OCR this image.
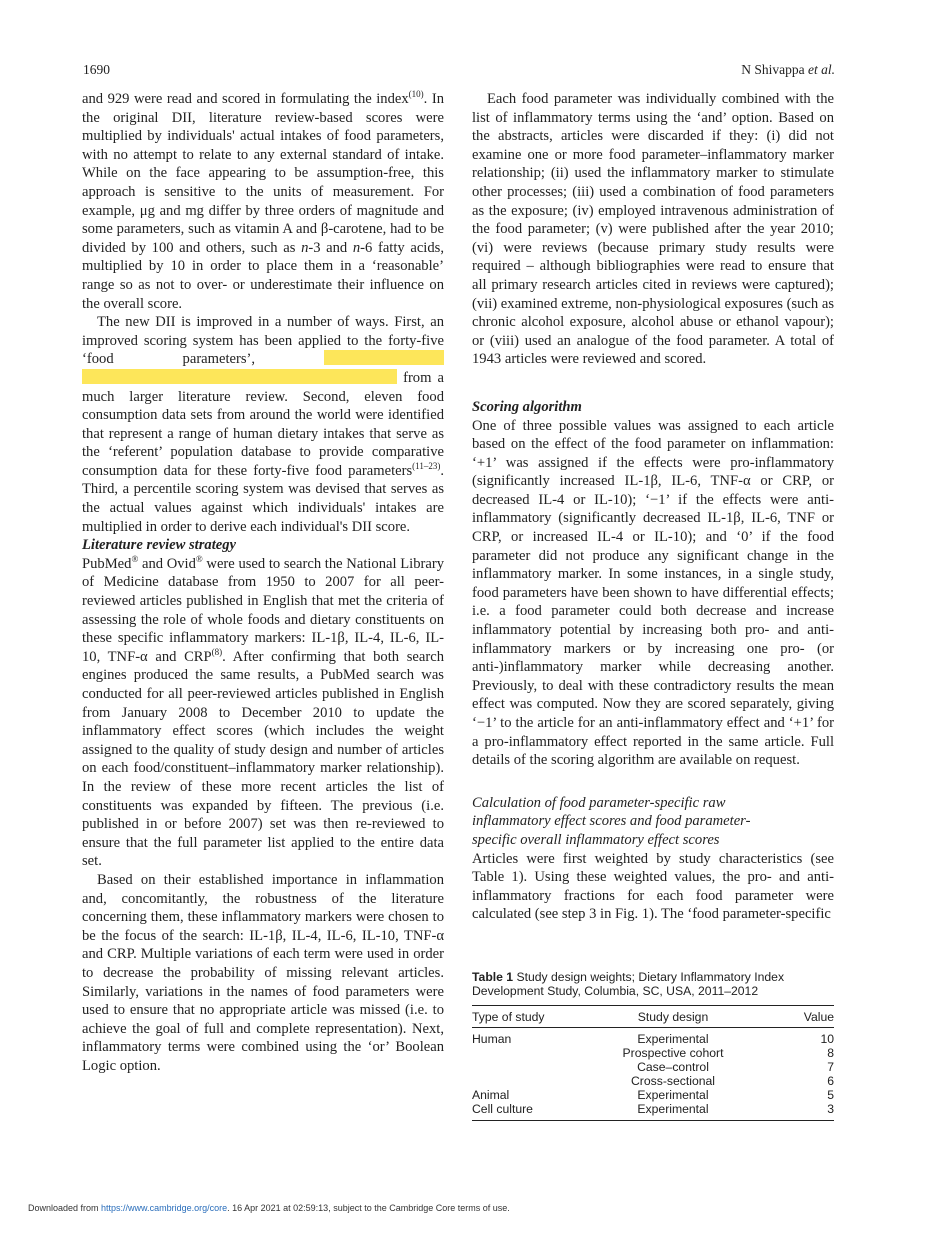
1690	N Shivappa et al.

and 929 were read and scored in formulating the index$^{(10)}$. In the original DII, literature review-based scores were multiplied by individuals' actual intakes of food parameters, with no attempt to relate to any external standard of intake. While on the face appearing to be assumption-free, this approach is sensitive to the units of measurement. For example, μg and mg differ by three orders of magnitude and some parameters, such as vitamin A and β-carotene, had to be divided by 100 and others, such as n-3 and n-6 fatty acids, multiplied by 10 in order to place them in a ‘reasonable’ range so as not to over- or underestimate their influence on the overall score.

The new DII is improved in a number of ways. First, an improved scoring system has been applied to the forty-five ‘food parameters’,   from a much larger literature review. Second, eleven food consumption data sets from around the world were identified that represent a range of human dietary intakes that serve as the ‘referent’ population database to provide comparative consumption data for these forty-five food parameters$^{(11-23)}$. Third, a percentile scoring system was devised that serves as the actual values against which individuals' intakes are multiplied in order to derive each individual's DII score.

Literature review strategy

PubMed® and Ovid® were used to search the National Library of Medicine database from 1950 to 2007 for all peer-reviewed articles published in English that met the criteria of assessing the role of whole foods and dietary constituents on these specific inflammatory markers: IL-1β, IL-4, IL-6, IL-10, TNF-α and CRP$^{(8)}$. After confirming that both search engines produced the same results, a PubMed search was conducted for all peer-reviewed articles published in English from January 2008 to December 2010 to update the inflammatory effect scores (which includes the weight assigned to the quality of study design and number of articles on each food/constituent–inflammatory marker relationship). In the review of these more recent articles the list of constituents was expanded by fifteen. The previous (i.e. published in or before 2007) set was then re-reviewed to ensure that the full parameter list applied to the entire data set.

Based on their established importance in inflammation and, concomitantly, the robustness of the literature concerning them, these inflammatory markers were chosen to be the focus of the search: IL-1β, IL-4, IL-6, IL-10, TNF-α and CRP. Multiple variations of each term were used in order to decrease the probability of missing relevant articles. Similarly, variations in the names of food parameters were used to ensure that no appropriate article was missed (i.e. to achieve the goal of full and complete representation). Next, inflammatory terms were combined using the ‘or’ Boolean Logic option.

Each food parameter was individually combined with the list of inflammatory terms using the ‘and’ option. Based on the abstracts, articles were discarded if they: (i) did not examine one or more food parameter–inflammatory marker relationship; (ii) used the inflammatory marker to stimulate other processes; (iii) used a combination of food parameters as the exposure; (iv) employed intravenous administration of the food parameter; (v) were published after the year 2010; (vi) were reviews (because primary study results were required – although bibliographies were read to ensure that all primary research articles cited in reviews were captured); (vii) examined extreme, non-physiological exposures (such as chronic alcohol exposure, alcohol abuse or ethanol vapour); or (viii) used an analogue of the food parameter. A total of 1943 articles were reviewed and scored.

Scoring algorithm

One of three possible values was assigned to each article based on the effect of the food parameter on inflammation: ‘+1’ was assigned if the effects were pro-inflammatory (significantly increased IL-1β, IL-6, TNF-α or CRP, or decreased IL-4 or IL-10); ‘−1’ if the effects were anti-inflammatory (significantly decreased IL-1β, IL-6, TNF or CRP, or increased IL-4 or IL-10); and ‘0’ if the food parameter did not produce any significant change in the inflammatory marker. In some instances, in a single study, food parameters have been shown to have differential effects; i.e. a food parameter could both decrease and increase inflammatory potential by increasing both pro- and anti-inflammatory markers or by increasing one pro- (or anti-)inflammatory marker while decreasing another. Previously, to deal with these contradictory results the mean effect was computed. Now they are scored separately, giving ‘−1’ to the article for an anti-inflammatory effect and ‘+1’ for a pro-inflammatory effect reported in the same article. Full details of the scoring algorithm are available on request.

Calculation of food parameter-specific raw inflammatory effect scores and food parameter-specific overall inflammatory effect scores

Articles were first weighted by study characteristics (see Table 1). Using these weighted values, the pro- and anti-inflammatory fractions for each food parameter were calculated (see step 3 in Fig. 1). The ‘food parameter-specific

Table 1 Study design weights; Dietary Inflammatory Index Development Study, Columbia, SC, USA, 2011–2012

Type of study	Study design	Value
Human	Experimental	10
	Prospective cohort	8
	Case–control	7
	Cross-sectional	6
Animal	Experimental	5
Cell culture	Experimental	3
Downloaded from https://www.cambridge.org/core. 16 Apr 2021 at 02:59:13, subject to the Cambridge Core terms of use.
